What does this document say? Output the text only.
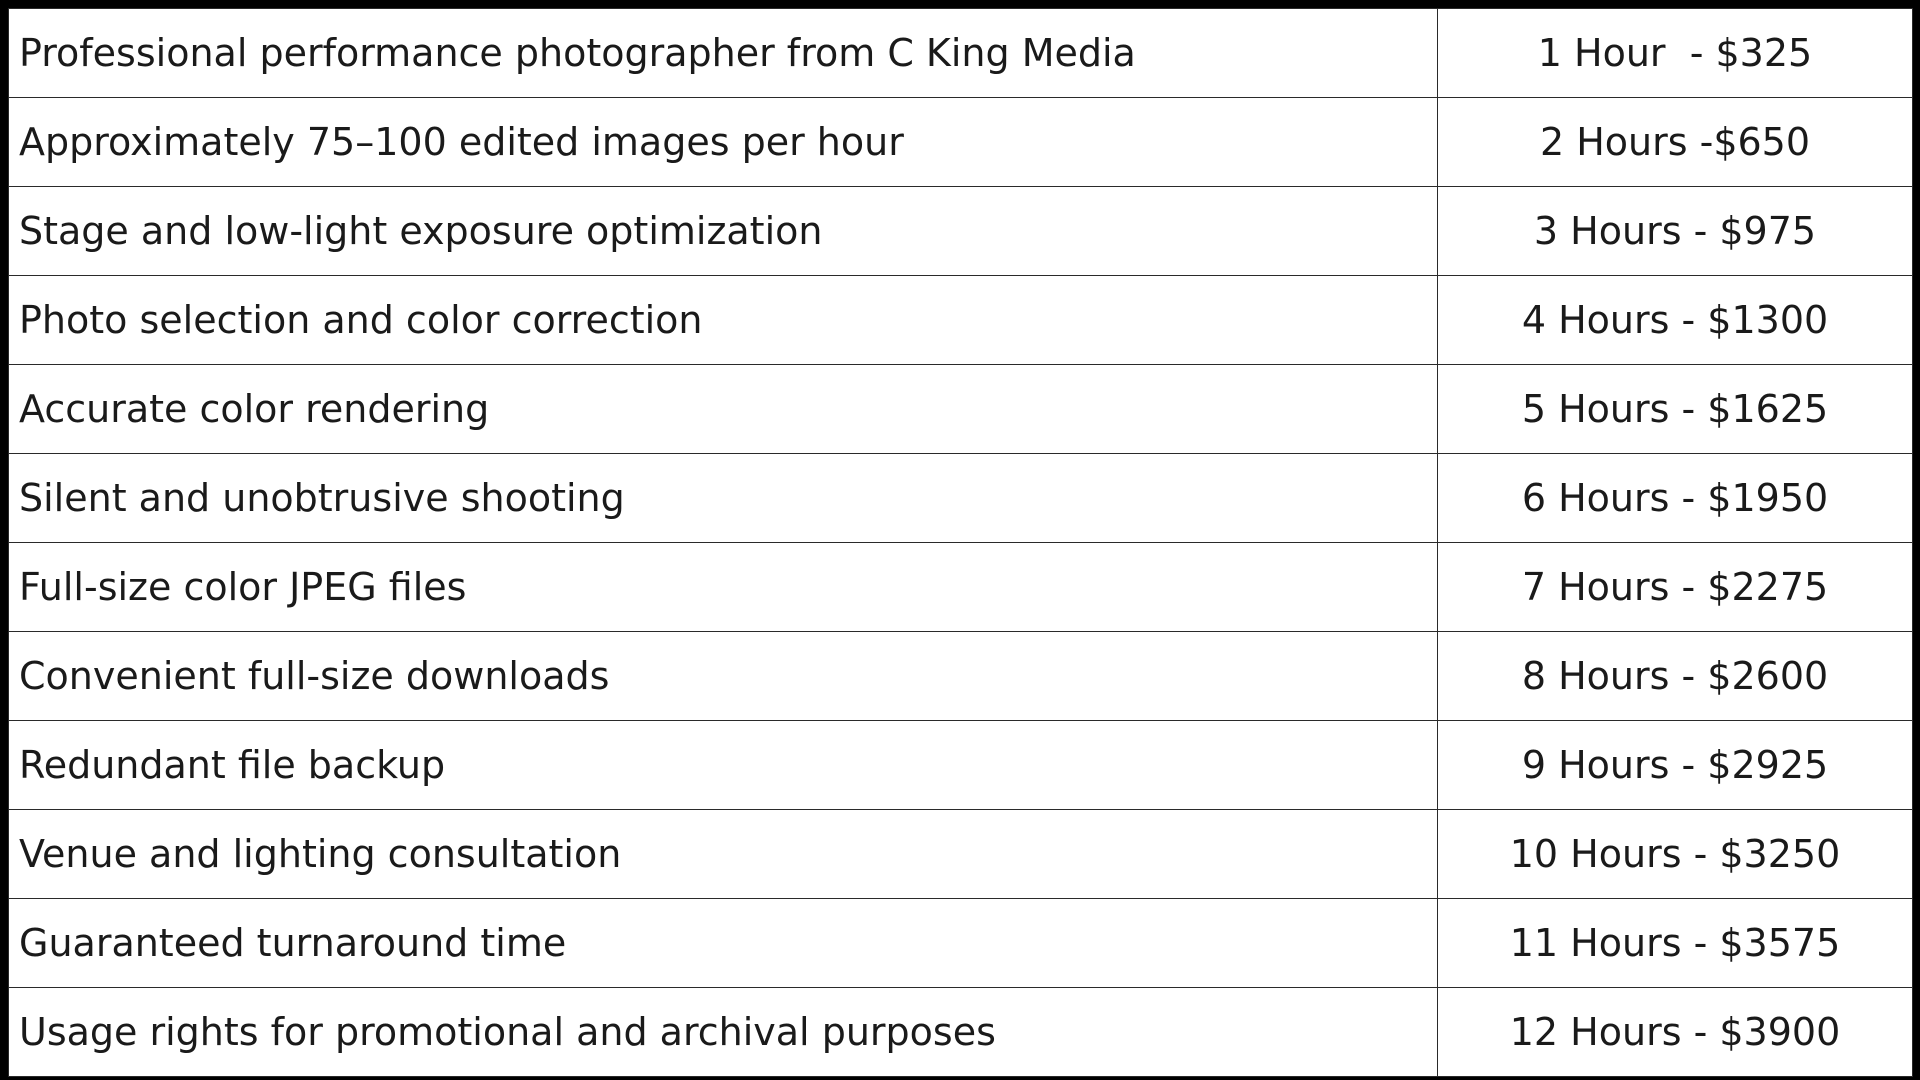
Professional performance photographer from C King Media	1 Hour  - $325
Approximately 75–100 edited images per hour	2 Hours -$650
Stage and low-light exposure optimization	3 Hours - $975
Photo selection and color correction	4 Hours - $1300
Accurate color rendering	5 Hours - $1625
Silent and unobtrusive shooting	6 Hours - $1950
Full-size color JPEG files	7 Hours - $2275
Convenient full-size downloads	8 Hours - $2600
Redundant file backup	9 Hours - $2925
Venue and lighting consultation	10 Hours - $3250
Guaranteed turnaround time	11 Hours - $3575
Usage rights for promotional and archival purposes	12 Hours - $3900
